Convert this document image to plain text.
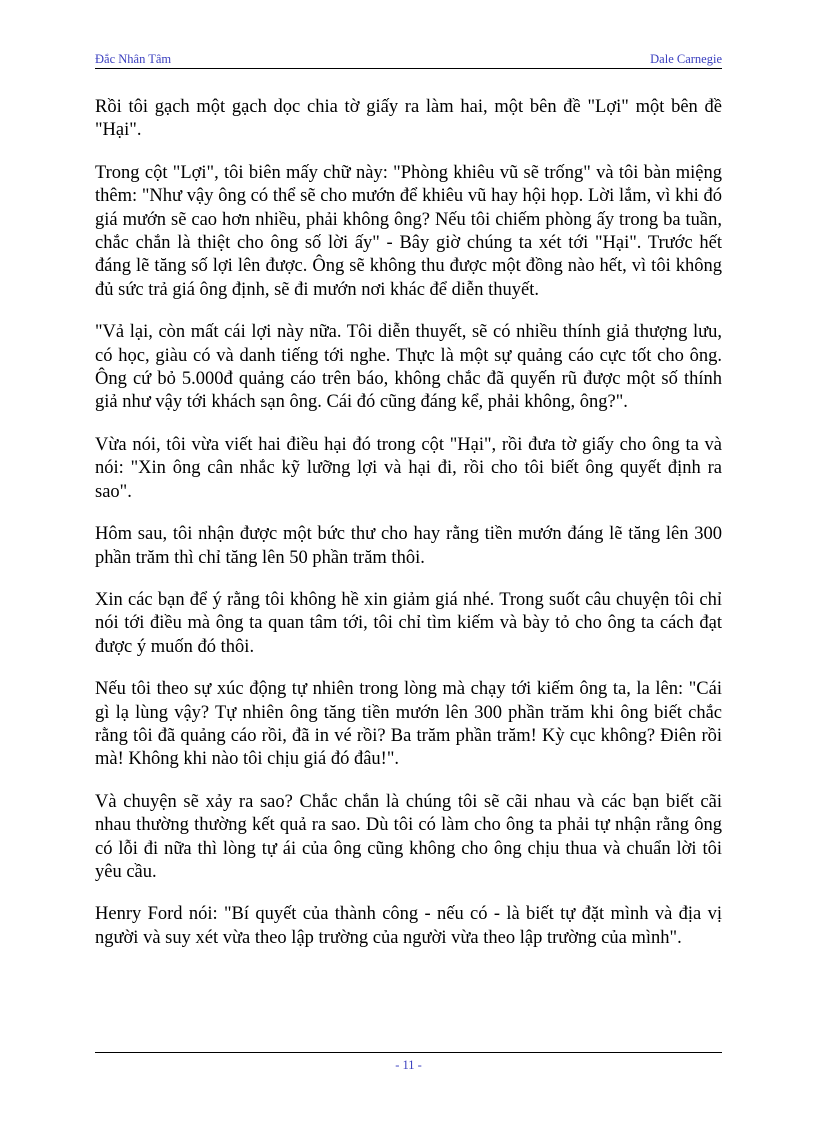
Đắc Nhân Tâm	Dale Carnegie

Rồi tôi gạch một gạch dọc chia tờ giấy ra làm hai, một bên đề "Lợi" một bên đề "Hại".

Trong cột "Lợi", tôi biên mấy chữ này: "Phòng khiêu vũ sẽ trống" và tôi bàn miệng thêm: "Như vậy ông có thể sẽ cho mướn để khiêu vũ hay hội họp. Lời lắm, vì khi đó giá mướn sẽ cao hơn nhiều, phải không ông? Nếu tôi chiếm phòng ấy trong ba tuần, chắc chắn là thiệt cho ông số lời ấy" - Bây giờ chúng ta xét tới "Hại". Trước hết đáng lẽ tăng số lợi lên được. Ông sẽ không thu được một đồng nào hết, vì tôi không đủ sức trả giá ông định, sẽ đi mướn nơi khác để diễn thuyết.

"Vả lại, còn mất cái lợi này nữa. Tôi diễn thuyết, sẽ có nhiều thính giả thượng lưu, có học, giàu có và danh tiếng tới nghe. Thực là một sự quảng cáo cực tốt cho ông. Ông cứ bỏ 5.000đ quảng cáo trên báo, không chắc đã quyến rũ được một số thính giả như vậy tới khách sạn ông. Cái đó cũng đáng kể, phải không, ông?".

Vừa nói, tôi vừa viết hai điều hại đó trong cột "Hại", rồi đưa tờ giấy cho ông ta và nói: "Xin ông cân nhắc kỹ lưỡng lợi và hại đi, rồi cho tôi biết ông quyết định ra sao".

Hôm sau, tôi nhận được một bức thư cho hay rằng tiền mướn đáng lẽ tăng lên 300 phần trăm thì chỉ tăng lên 50 phần trăm thôi.

Xin các bạn để ý rằng tôi không hề xin giảm giá nhé. Trong suốt câu chuyện tôi chỉ nói tới điều mà ông ta quan tâm tới, tôi chỉ tìm kiếm và bày tỏ cho ông ta cách đạt được ý muốn đó thôi.

Nếu tôi theo sự xúc động tự nhiên trong lòng mà chạy tới kiếm ông ta, la lên: "Cái gì lạ lùng vậy? Tự nhiên ông tăng tiền mướn lên 300 phần trăm khi ông biết chắc rằng tôi đã quảng cáo rồi, đã in vé rồi? Ba trăm phần trăm! Kỳ cục không? Điên rồi mà! Không khi nào tôi chịu giá đó đâu!".

Và chuyện sẽ xảy ra sao? Chắc chắn là chúng tôi sẽ cãi nhau và các bạn biết cãi nhau thường thường kết quả ra sao. Dù tôi có làm cho ông ta phải tự nhận rằng ông có lỗi đi nữa thì lòng tự ái của ông cũng không cho ông chịu thua và chuẩn lời tôi yêu cầu.

Henry Ford nói: "Bí quyết của thành công - nếu có - là biết tự đặt mình và địa vị người và suy xét vừa theo lập trường của người vừa theo lập trường của mình".

- 11 -
